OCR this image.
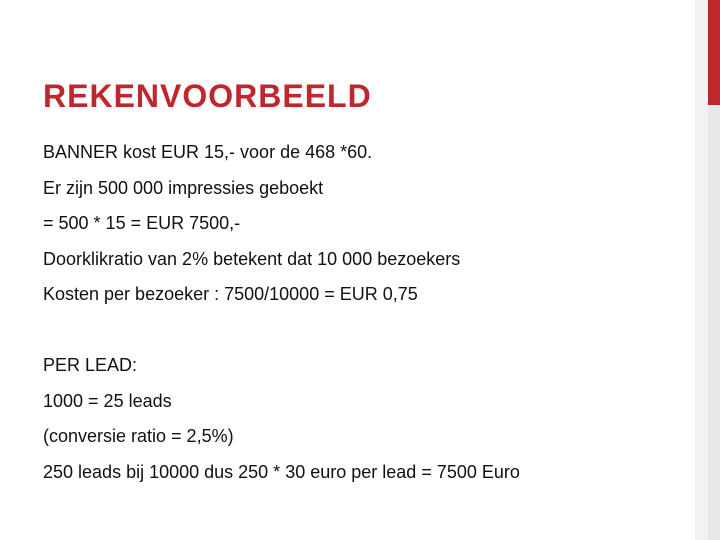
REKENVOORBEELD
BANNER kost EUR 15,- voor de 468 *60.
Er zijn 500 000 impressies geboekt
= 500 * 15 = EUR 7500,-
Doorklikratio van 2% betekent dat 10 000 bezoekers
Kosten per bezoeker : 7500/10000 = EUR 0,75
PER LEAD:
1000 = 25 leads
(conversie ratio = 2,5%)
250 leads bij 10000 dus 250 * 30 euro per lead = 7500 Euro
